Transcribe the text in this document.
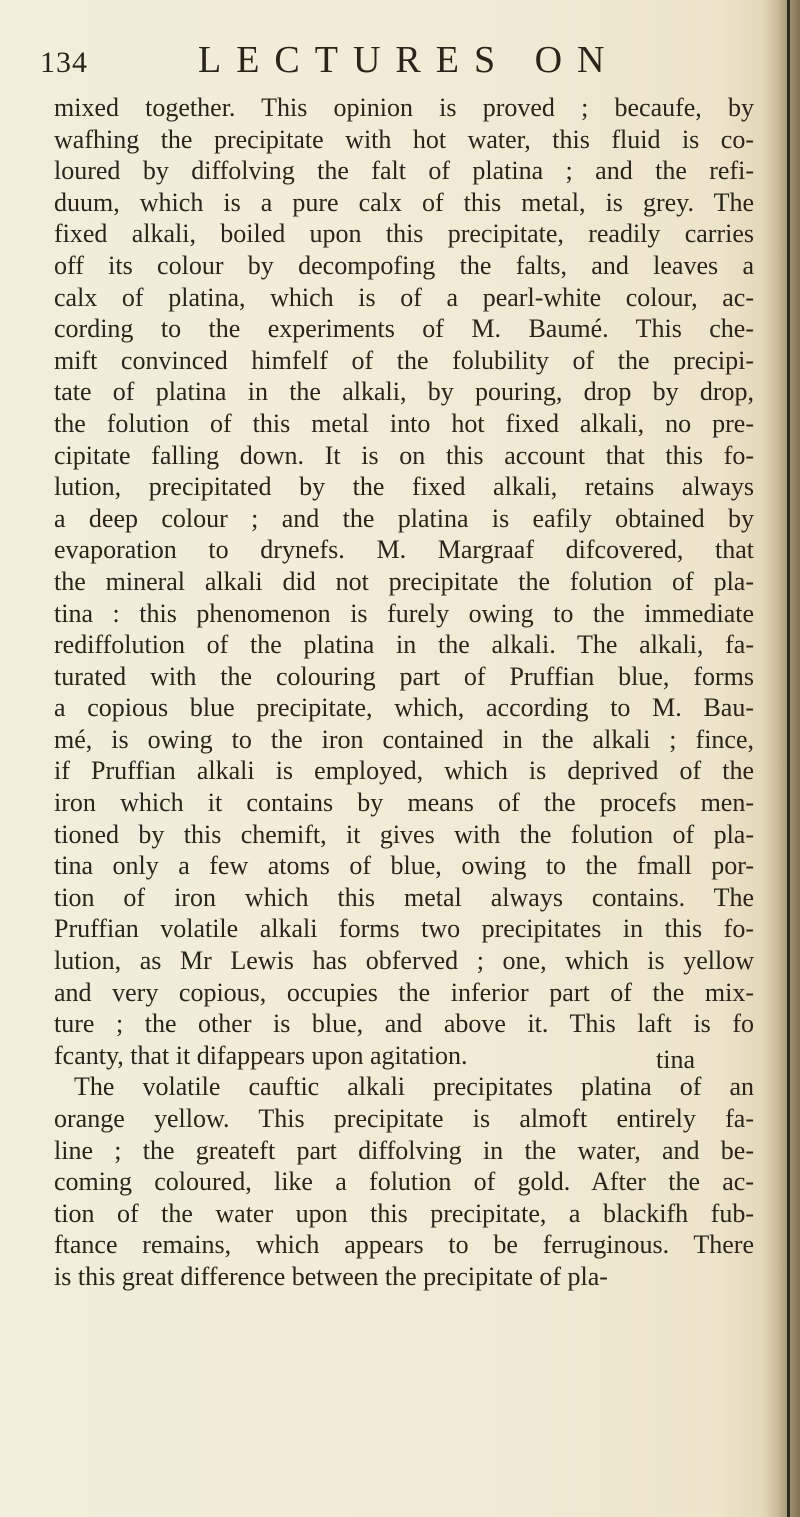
134	LECTURES ON
mixed together. This opinion is proved ; becaufe, by
wafhing the precipitate with hot water, this fluid is co-
loured by diffolving the falt of platina ; and the refi-
duum, which is a pure calx of this metal, is grey. The
fixed alkali, boiled upon this precipitate, readily carries
off its colour by decompofing the falts, and leaves a
calx of platina, which is of a pearl-white colour, ac-
cording to the experiments of M. Baumé. This che-
mift convinced himfelf of the folubility of the precipi-
tate of platina in the alkali, by pouring, drop by drop,
the folution of this metal into hot fixed alkali, no pre-
cipitate falling down. It is on this account that this fo-
lution, precipitated by the fixed alkali, retains always
a deep colour ; and the platina is eafily obtained by
evaporation to drynefs. M. Margraaf difcovered, that
the mineral alkali did not precipitate the folution of pla-
tina : this phenomenon is furely owing to the immediate
rediffolution of the platina in the alkali. The alkali, fa-
turated with the colouring part of Pruffian blue, forms
a copious blue precipitate, which, according to M. Bau-
mé, is owing to the iron contained in the alkali ; fince,
if Pruffian alkali is employed, which is deprived of the
iron which it contains by means of the procefs men-
tioned by this chemift, it gives with the folution of pla-
tina only a few atoms of blue, owing to the fmall por-
tion of iron which this metal always contains. The
Pruffian volatile alkali forms two precipitates in this fo-
lution, as Mr Lewis has obferved ; one, which is yellow
and very copious, occupies the inferior part of the mix-
ture ; the other is blue, and above it. This laft is fo
fcanty, that it difappears upon agitation.
The volatile cauftic alkali precipitates platina of an
orange yellow. This precipitate is almoft entirely fa-
line ; the greateft part diffolving in the water, and be-
coming coloured, like a folution of gold. After the ac-
tion of the water upon this precipitate, a blackifh fub-
ftance remains, which appears to be ferruginous. There
is this great difference between the precipitate of pla-
tina
